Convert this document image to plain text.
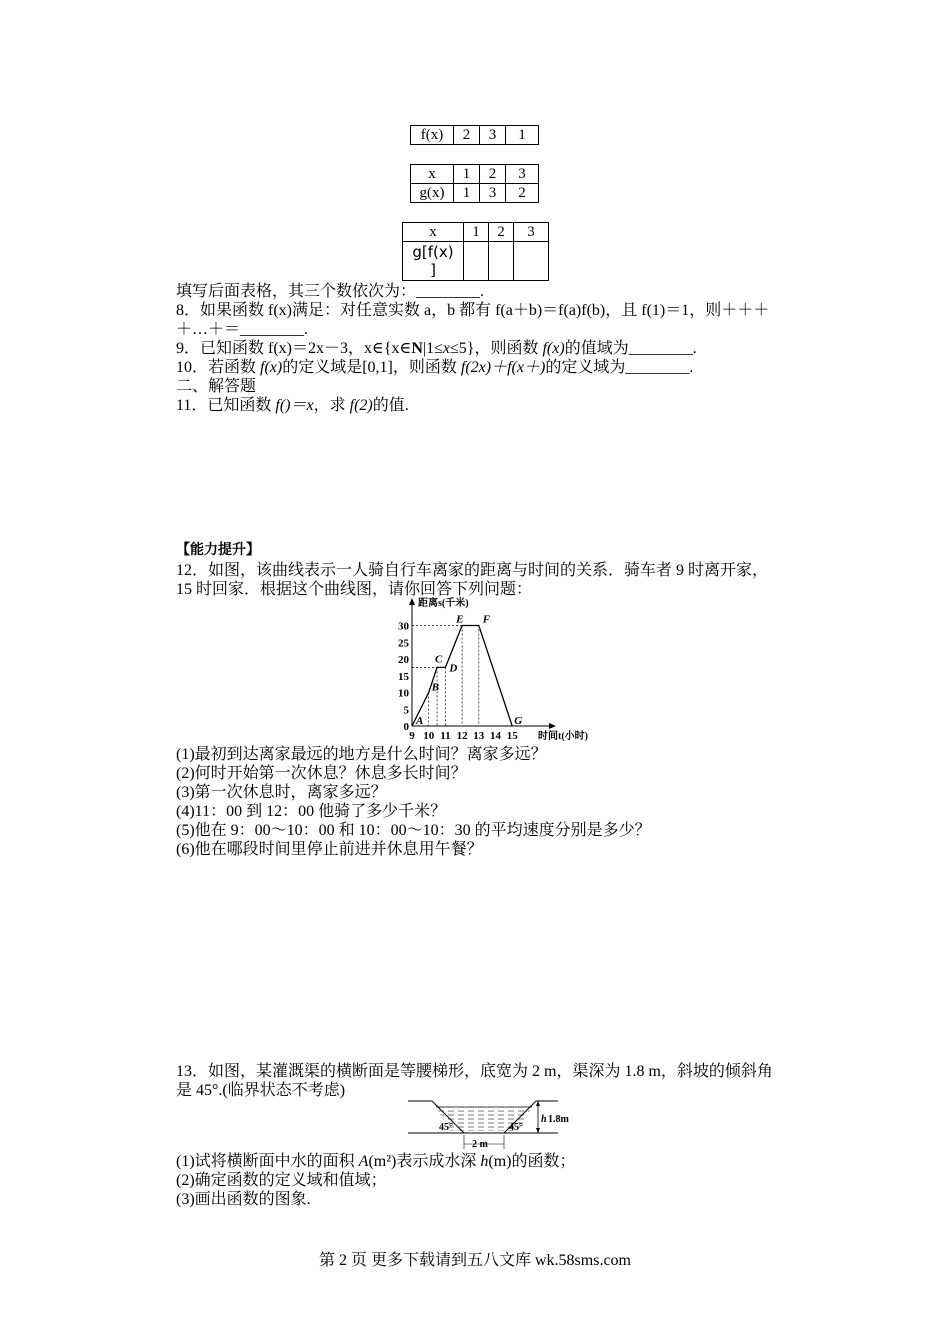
f(x)	2	3	1
x	1	2	3
g(x)	1	3	2
x	1	2	3

g[f(x)
]			

填写后面表格，其三个数依次为：________.
8．如果函数 f(x)满足：对任意实数 a，b 都有 f(a＋b)＝f(a)f(b)，且 f(1)＝1，则＋＋＋
＋…＋＝________.
9．已知函数 f(x)＝2x－3，x∈{x∈N|1≤x≤5}，则函数 f(x)的值域为________.
10．若函数 f(x)的定义域是[0,1]，则函数 f(2x)＋f(x＋)的定义域为________.
二、解答题
11．已知函数 f()＝x，求 f(2)的值.
【能力提升】
12．如图，该曲线表示一人骑自行车离家的距离与时间的关系．骑车者 9 时离开家，
15 时回家．根据这个曲线图，请你回答下列问题：
距离s(千米)
时间t(小时)
30
25
20
15
10
5
0
9 10 11 12 13 14 15
A
B
C
D
E F
G
(1)最初到达离家最远的地方是什么时间？离家多远？
(2)何时开始第一次休息？休息多长时间？
(3)第一次休息时，离家多远？
(4)11：00 到 12：00 他骑了多少千米？
(5)他在 9：00～10：00 和 10：00～10：30 的平均速度分别是多少？
(6)他在哪段时间里停止前进并休息用午餐？
13．如图，某灌溉渠的横断面是等腰梯形，底宽为 2 m，渠深为 1.8 m，斜坡的倾斜角
是 45°.(临界状态不考虑)
45°	45°
2 m
h 1.8m
(1)试将横断面中水的面积 A(m²)表示成水深 h(m)的函数；
(2)确定函数的定义域和值域；
(3)画出函数的图象.
第 2 页 更多下载请到五八文库 wk.58sms.com
